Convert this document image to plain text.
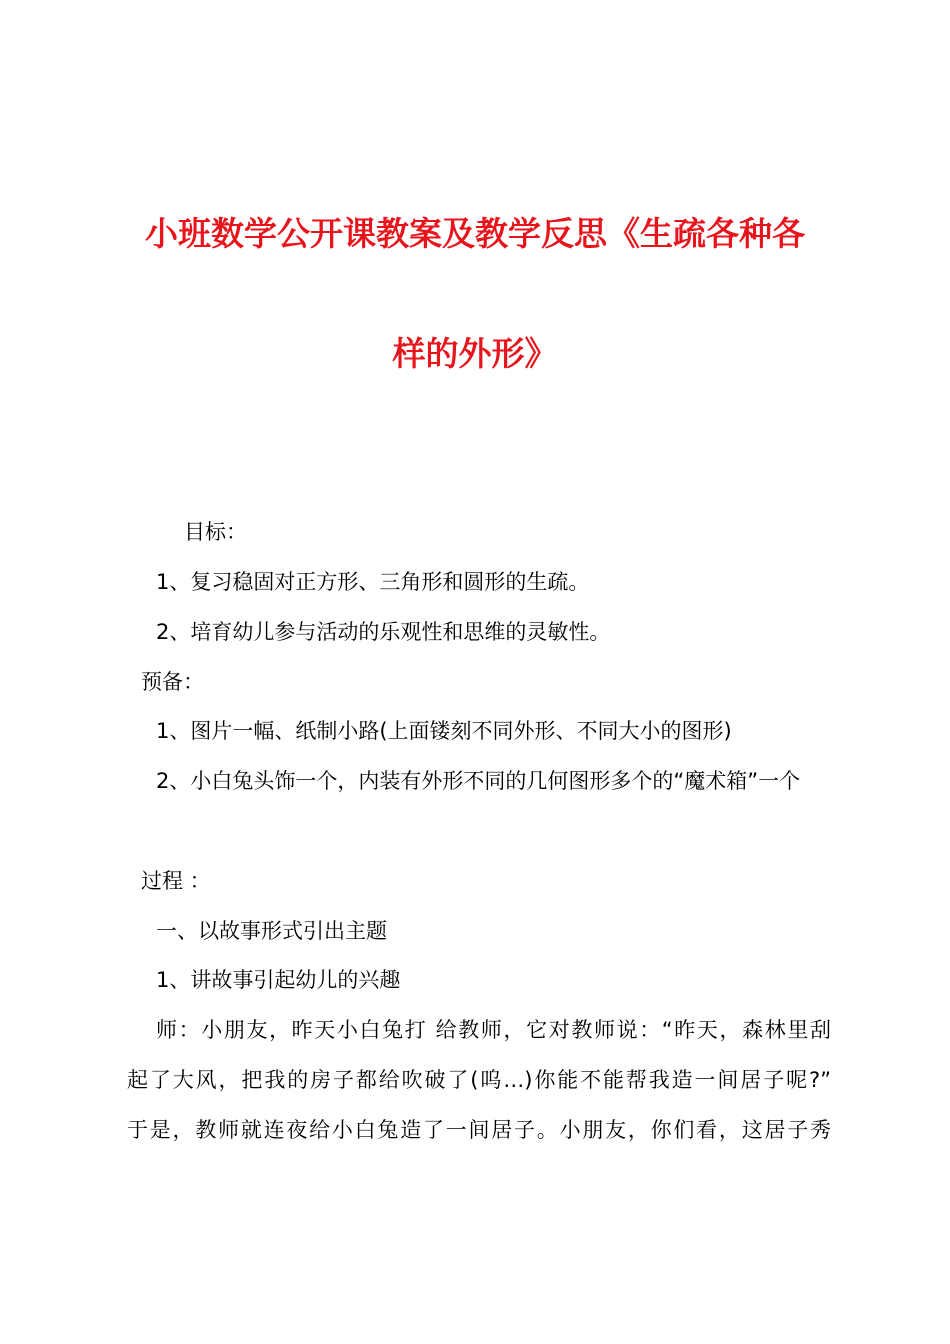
小班数学公开课教案及教学反思《生疏各种各
样的外形》
目标：
1、复习稳固对正方形、三角形和圆形的生疏。
2、培育幼儿参与活动的乐观性和思维的灵敏性。
预备：
1、图片一幅、纸制小路(上面镂刻不同外形、不同大小的图形)
2、小白兔头饰一个，内装有外形不同的几何图形多个的“魔术箱”一个
过程 ：
一、以故事形式引出主题
1、讲故事引起幼儿的兴趣
师：小朋友，昨天小白兔打 给教师，它对教师说：“昨天，森林里刮
起了大风，把我的房子都给吹破了(呜…)你能不能帮我造一间居子呢?”
于是，教师就连夜给小白兔造了一间居子。小朋友，你们看，这居子秀
